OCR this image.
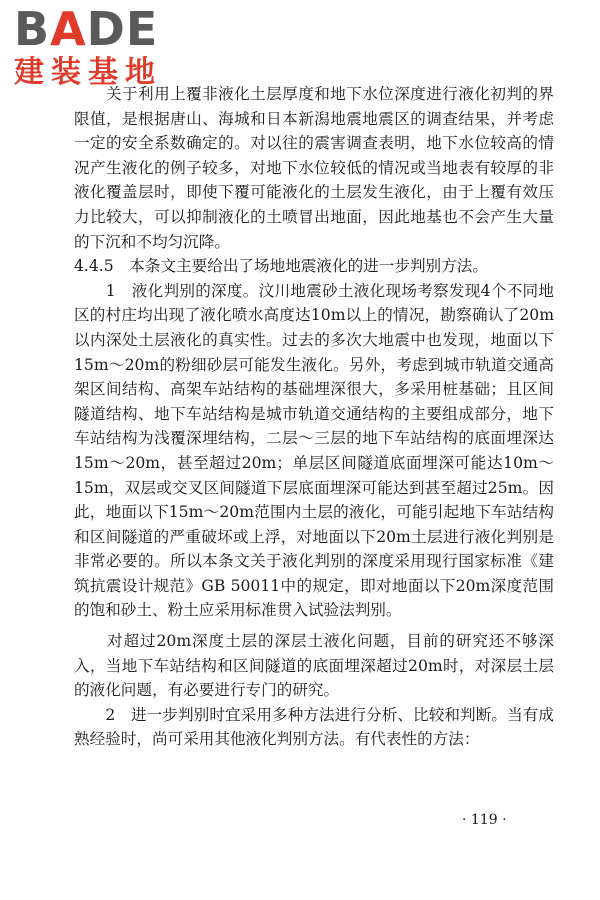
BADE
建装基地

　　关于利用上覆非液化土层厚度和地下水位深度进行液化初判的界限值，是根据唐山、海城和日本新潟地震地震区的调查结果，并考虑一定的安全系数确定的。对以往的震害调查表明，地下水位较高的情况产生液化的例子较多，对地下水位较低的情况或当地表有较厚的非液化覆盖层时，即使下覆可能液化的土层发生液化，由于上覆有效压力比较大，可以抑制液化的土喷冒出地面，因此地基也不会产生大量的下沉和不均匀沉降。

4.4.5　本条文主要给出了场地地震液化的进一步判别方法。

　　1　液化判别的深度。汶川地震砂土液化现场考察发现4个不同地区的村庄均出现了液化喷水高度达10m以上的情况，勘察确认了20m以内深处土层液化的真实性。过去的多次大地震中也发现，地面以下15m～20m的粉细砂层可能发生液化。另外，考虑到城市轨道交通高架区间结构、高架车站结构的基础埋深很大，多采用桩基础；且区间隧道结构、地下车站结构是城市轨道交通结构的主要组成部分，地下车站结构为浅覆深埋结构，二层～三层的地下车站结构的底面埋深达15m～20m，甚至超过20m；单层区间隧道底面埋深可能达10m～15m，双层或交叉区间隧道下层底面埋深可能达到甚至超过25m。因此，地面以下15m～20m范围内土层的液化，可能引起地下车站结构和区间隧道的严重破坏或上浮，对地面以下20m土层进行液化判别是非常必要的。所以本条文关于液化判别的深度采用现行国家标准《建筑抗震设计规范》GB 50011中的规定，即对地面以下20m深度范围的饱和砂土、粉土应采用标准贯入试验法判别。

　　对超过20m深度土层的深层土液化问题，目前的研究还不够深入，当地下车站结构和区间隧道的底面埋深超过20m时，对深层土层的液化问题，有必要进行专门的研究。

　　2　进一步判别时宜采用多种方法进行分析、比较和判断。当有成熟经验时，尚可采用其他液化判别方法。有代表性的方法：

· 119 ·
